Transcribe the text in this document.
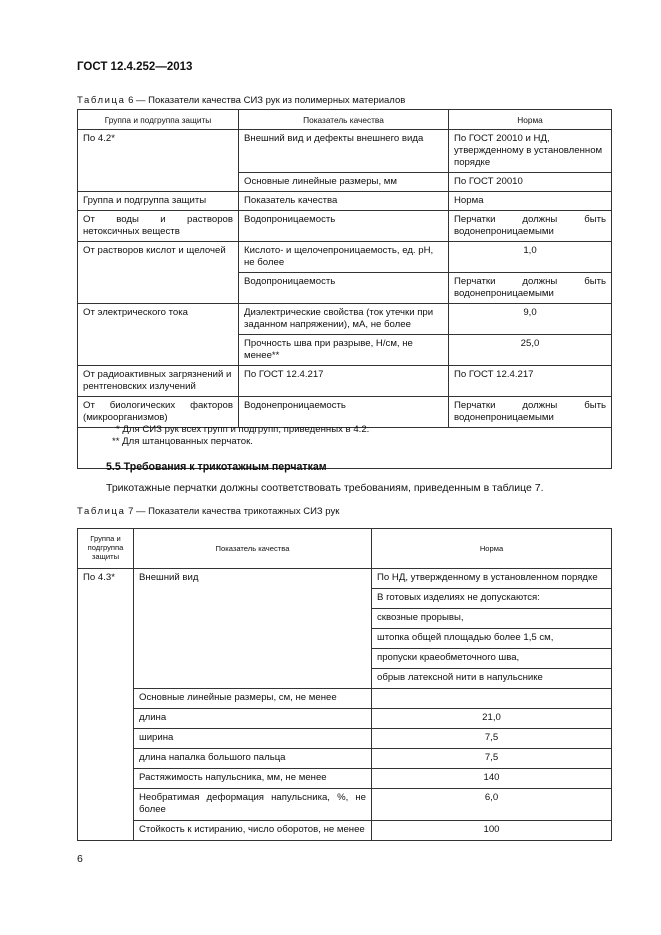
ГОСТ 12.4.252—2013
Таблица 6 — Показатели качества СИЗ рук из полимерных материалов
Группа и подгруппа защиты	Показатель качества	Норма
По 4.2*	Внешний вид и дефекты внешнего вида	По ГОСТ 20010 и НД, утвержденному в установленном порядке
	Основные линейные размеры, мм	По ГОСТ 20010
Группа и подгруппа защиты	Показатель качества	Норма
От воды и растворов нетоксичных веществ	Водопроницаемость	Перчатки должны быть водонепроницаемыми
От растворов кислот и щелочей	Кислото- и щелочепроницаемость, ед. рН, не более	1,0
	Водопроницаемость	Перчатки должны быть водонепроницаемыми
От электрического тока	Диэлектрические свойства (ток утечки при заданном напряжении), мА, не более	9,0
	Прочность шва при разрыве, Н/см, не менее**	25,0
От радиоактивных загрязнений и рентгеновских излучений	По ГОСТ 12.4.217	По ГОСТ 12.4.217
От биологических факторов (микроорганизмов)	Водонепроницаемость	Перчатки должны быть водонепроницаемыми

* Для СИЗ рук всех групп и подгрупп, приведенных в 4.2.
** Для штанцованных перчаток.
5.5 Требования к трикотажным перчаткам
Трикотажные перчатки должны соответствовать требованиям, приведенным в таблице 7.
Таблица 7 — Показатели качества трикотажных СИЗ рук
Группа и подгруппа защиты	Показатель качества	Норма
По 4.3*	Внешний вид	По НД, утвержденному в установленном порядке
		В готовых изделиях не допускаются:
		сквозные прорывы,
		штопка общей площадью более 1,5 см,
		пропуски краеобметочного шва,
		обрыв латексной нити в напульснике
	Основные линейные размеры, см, не менее	
	длина	21,0
	ширина	7,5
	длина напалка большого пальца	7,5
	Растяжимость напульсника, мм, не менее	140
	Необратимая деформация напульсника, %, не более	6,0
	Стойкость к истиранию, число оборотов, не менее	100
6
